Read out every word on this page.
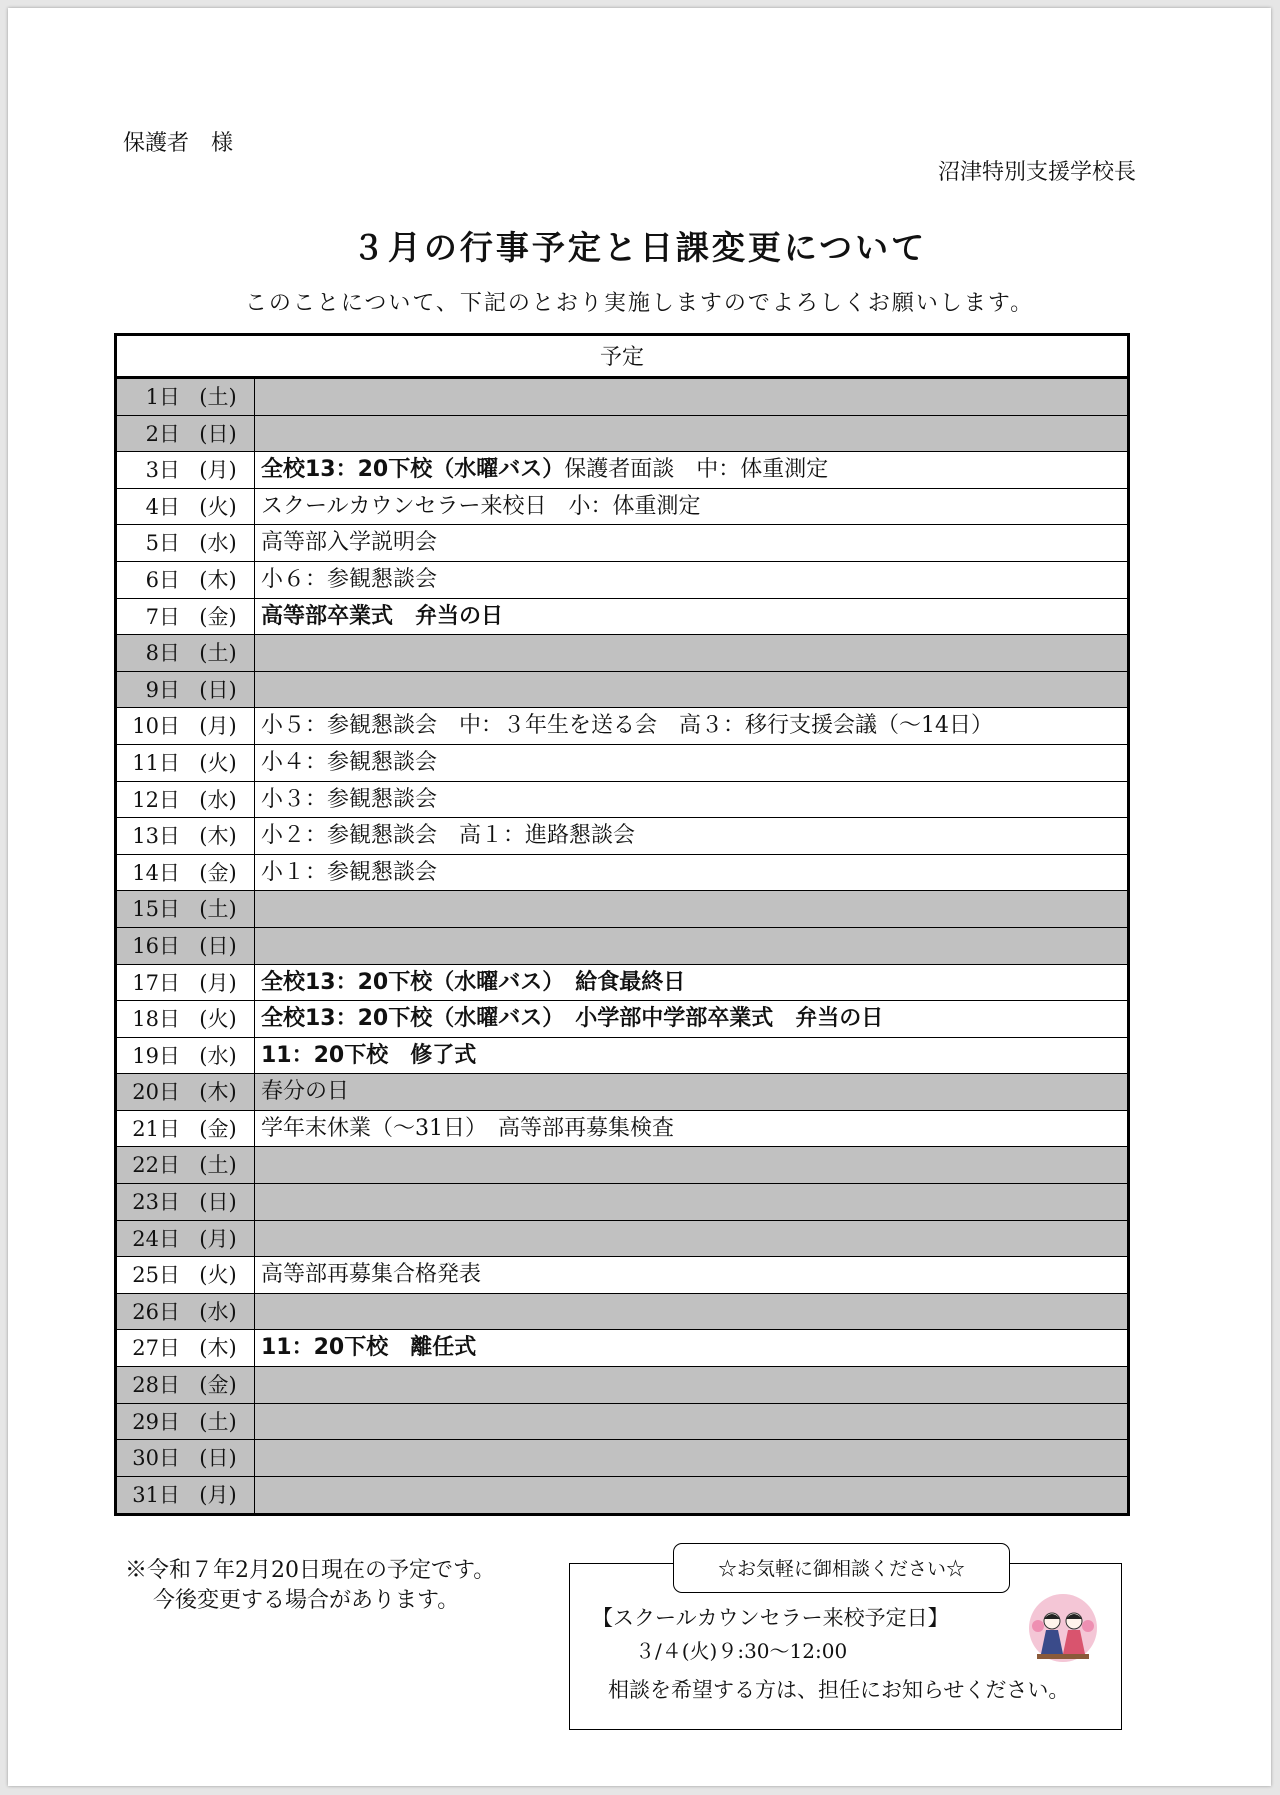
保護者　様
沼津特別支援学校長
３月の行事予定と日課変更について
このことについて、下記のとおり実施しますのでよろしくお願いします。
予定
1日 (土)
2日 (日)
3日 (月)	全校13：20下校（水曜バス）保護者面談　中：体重測定
4日 (火)	スクールカウンセラー来校日　小：体重測定
5日 (水)	高等部入学説明会
6日 (木)	小６：参観懇談会
7日 (金)	高等部卒業式　弁当の日
8日 (土)
9日 (日)
10日 (月)	小５：参観懇談会　中：３年生を送る会　高３：移行支援会議（～14日）
11日 (火)	小４：参観懇談会
12日 (水)	小３：参観懇談会
13日 (木)	小２：参観懇談会　高１：進路懇談会
14日 (金)	小１：参観懇談会
15日 (土)
16日 (日)
17日 (月)	全校13：20下校（水曜バス）　給食最終日
18日 (火)	全校13：20下校（水曜バス）　小学部中学部卒業式　弁当の日
19日 (水)	11：20下校　修了式
20日 (木)	春分の日
21日 (金)	学年末休業（～31日）　高等部再募集検査
22日 (土)
23日 (日)
24日 (月)
25日 (火)	高等部再募集合格発表
26日 (水)
27日 (木)	11：20下校　離任式
28日 (金)
29日 (土)
30日 (日)
31日 (月)
※令和７年2月20日現在の予定です。
今後変更する場合があります。
【スクールカウンセラー来校予定日】
３/４(火)９:30～12:00
相談を希望する方は、担任にお知らせください。
☆お気軽に御相談ください☆
